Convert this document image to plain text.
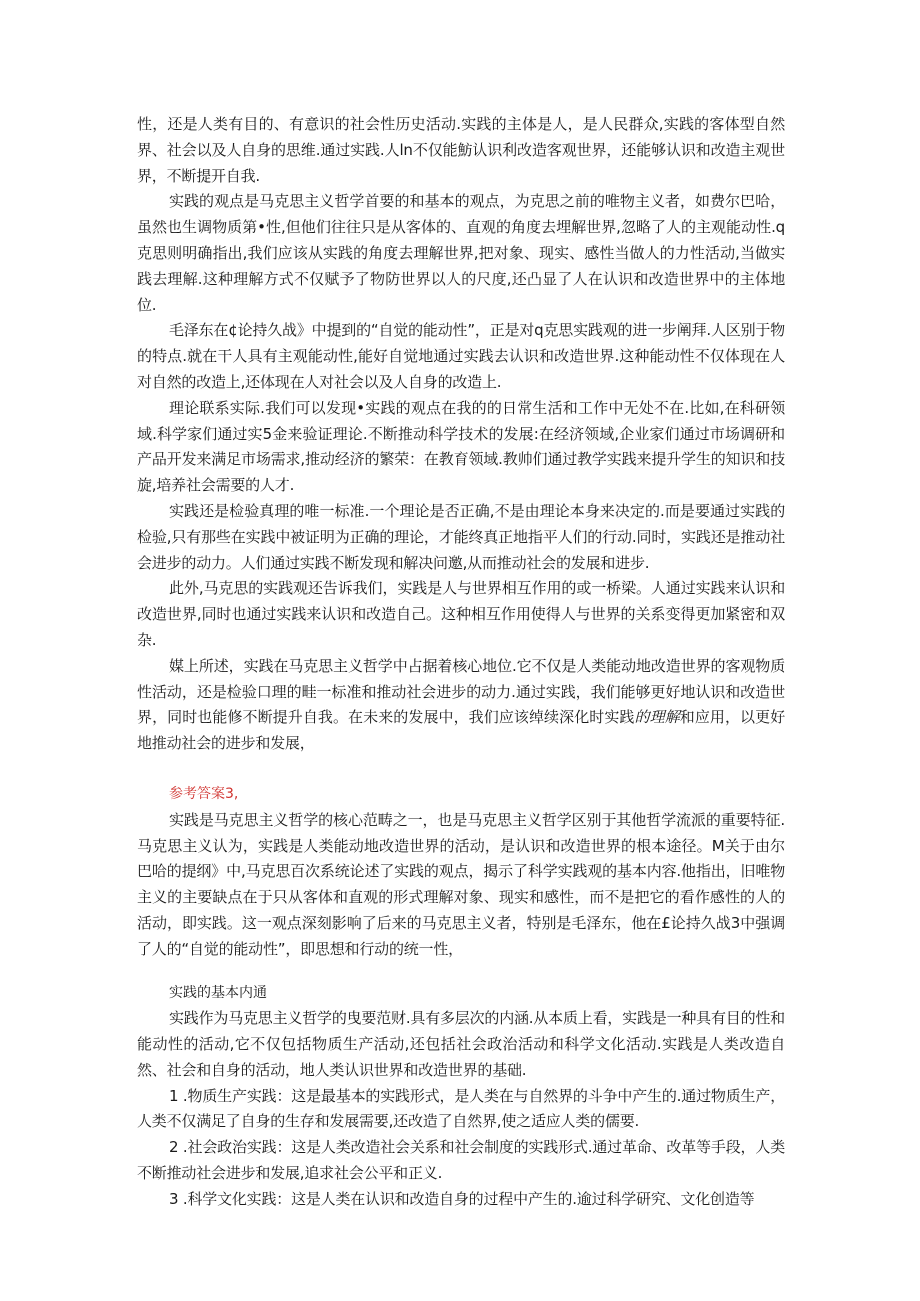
性，还是人类有目的、有意识的社会性历史活动.实践的主体是人，是人民群众,实践的客体型自然界、社会以及人自身的思维.通过实践.人ln不仅能魴认识利改造客观世界，还能够认识和改造主观世界，不断提开自我.

实践的观点是马克思主义哲学首要的和基本的观点，为克思之前的唯物主义者，如费尔巴哈，虽然也生调物质第•性,但他们往往只是从客体的、直观的角度去埋解世界,忽略了人的主观能动性.q克思则明确指出,我们应该从实践的角度去理解世界,把对象、现实、感性当做人的力性活动,当做实践去理解.这种理解方式不仅赋予了物防世界以人的尺度,还凸显了人在认识和改造世界中的主体地位.

毛泽东在¢论持久战》中提到的“自觉的能动性”，正是对q克思实践观的进一步阐拜.人区别于物的特点.就在干人具有主观能动性,能好自觉地通过实践去认识和改造世界.这种能动性不仅体现在人对自然的改造上,还体现在人对社会以及人自身的改造上.

理论联系实际.我们可以发现•实践的观点在我的的日常生活和工作中无处不在.比如,在科研领域.科学家们通过实5金来验证理论.不断推动科学技术的发展:在经济领域,企业家们通过市场调研和产品开发来满足市场需求,推动经济的繁荣：在教育领域.教帅们通过教学实践来提升学生的知识和技旋,培养社会需要的人才.

实践还是检验真理的唯一标准.一个理论是否正确,不是由理论本身来决定的.而是要通过实践的检验,只有那些在实践中被证明为正确的理论，才能终真正地指平人们的行动.同时，实践还是推动社会进步的动力。人们通过实践不断发现和解决问邀,从而推动社会的发展和进步.

此外,马克思的实践观还告诉我们，实践是人与世界相互作用的或一桥梁。人通过实践来认识和改造世界,同时也通过实践来认识和改造自己。这种相互作用使得人与世界的关系变得更加紧密和双杂.

媒上所述，实践在马克思主义哲学中占据着核心地位.它不仅是人类能动地改造世界的客观物质性活动，还是检验口理的畦一标准和推动社会进步的动力.通过实践，我们能够更好地认识和改造世界，同时也能修不断提升自我。在未来的发展中，我们应该绰续深化时实践的理解和应用，以更好地推动社会的进步和发展，

参考答案3,

实践是马克思主义哲学的核心范畴之一，也是马克思主义哲学区别于其他哲学流派的重要特征.马克思主义认为，实践是人类能动地改造世界的活动，是认识和改造世界的根本途径。M关于由尔巴哈的提纲》中,马克思百次系统论述了实践的观点，揭示了科学实践观的基本内容.他指出，旧唯物主义的主要缺点在于只从客体和直观的形式理解对象、现实和感性，而不是把它的看作感性的人的活动，即实践。这一观点深刻影响了后来的马克思主义者，特别是毛泽东，他在£论持久战3中强调了人的“自觉的能动性”，即思想和行动的统一性，

实践的基本内通

实践作为马克思主义哲学的曳要范财.具有多层次的内涵.从本质上看，实践是一种具有目的性和能动性的活动,它不仅包括物质生产活动,还包括社会政治活动和科学文化活动.实践是人类改造自然、社会和自身的活动，地人类认识世界和改造世界的基础.

1 .物质生产实践：这是最基本的实践形式，是人类在与自然界的斗争中产生的.通过物质生产，人类不仅满足了自身的生存和发展需要,还改造了自然界,使之适应人类的儒要.

2 .社会政治实践：这是人类改造社会关系和社会制度的实践形式.通过革命、改革等手段，人类不断推动社会进步和发展,追求社会公平和正义.

3 .科学文化实践：这是人类在认识和改造自身的过程中产生的.逾过科学研究、文化创造等
